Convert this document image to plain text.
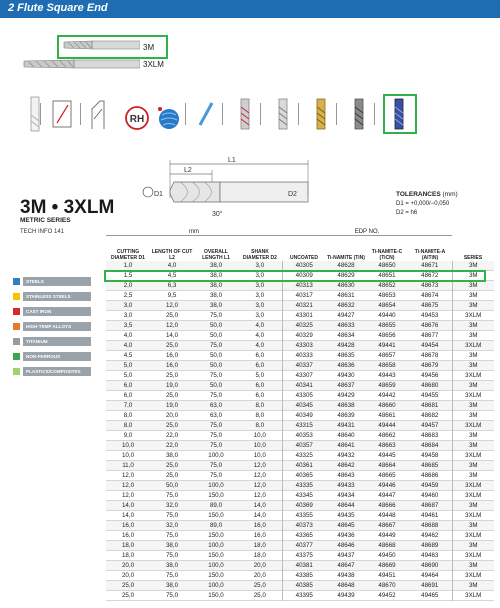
2 Flute Square End
3M
3XLM
RH
L1
L2
D1	D2
30°
3M • 3XLM
METRIC SERIES
TECH INFO 141
TOLERANCES (mm)
D1 = +0,000/−0,050
D2 = h6
STEELS
STAINLESS STEELS
CAST IRON
HIGH TEMP ALLOYS
TITANIUM
NON-FERROUS
PLASTICS/COMPOSITES
mm				EDP NO.				
CUTTING DIAMETER D1	LENGTH OF CUT L2	OVERALL LENGTH L1	SHANK DIAMETER D2	UNCOATED	Ti-NAMITE (TiN)	Ti-NAMITE-C (TiCN)	Ti-NAMITE-A (AlTiN)	SERIES
1,0	4,0	38,0	3,0	40305	48628	48650	48671	3M
1,5	4,5	38,0	3,0	40309	48629	48651	48672	3M
2,0	6,3	38,0	3,0	40313	48630	48652	48673	3M
2,5	9,5	38,0	3,0	40317	48631	48653	48674	3M
3,0	12,0	38,0	3,0	40321	48632	48654	48675	3M
3,0	25,0	75,0	3,0	43301	49427	49440	49453	3XLM
3,5	12,0	50,0	4,0	40325	48633	48655	48676	3M
4,0	14,0	50,0	4,0	40329	48634	48656	48677	3M
4,0	25,0	75,0	4,0	43303	49428	49441	49454	3XLM
4,5	16,0	50,0	6,0	40333	48635	48657	48678	3M
5,0	16,0	50,0	6,0	40337	48636	48658	48679	3M
5,0	25,0	75,0	5,0	43307	49430	49443	49456	3XLM
6,0	19,0	50,0	6,0	40341	48637	48659	48680	3M
6,0	25,0	75,0	6,0	43305	49429	49442	49455	3XLM
7,0	19,0	63,0	8,0	40345	48638	48660	48681	3M
8,0	20,0	63,0	8,0	40349	48639	48661	48682	3M
8,0	25,0	75,0	8,0	43315	49431	49444	49457	3XLM
9,0	22,0	75,0	10,0	40353	48640	48662	48683	3M
10,0	22,0	75,0	10,0	40357	48641	48663	48684	3M
10,0	38,0	100,0	10,0	43325	49432	49445	49458	3XLM
11,0	25,0	75,0	12,0	40361	48642	48664	48685	3M
12,0	25,0	75,0	12,0	40365	48643	48665	48686	3M
12,0	50,0	100,0	12,0	43335	49433	49446	49459	3XLM
12,0	75,0	150,0	12,0	43345	49434	49447	49460	3XLM
14,0	32,0	89,0	14,0	40369	48644	48666	48687	3M
14,0	75,0	150,0	14,0	43355	49435	49448	49461	3XLM
16,0	32,0	89,0	16,0	40373	48645	48667	48688	3M
16,0	75,0	150,0	16,0	43365	49436	49449	49462	3XLM
18,0	38,0	100,0	18,0	40377	48646	48668	48689	3M
18,0	75,0	150,0	18,0	43375	49437	49450	49463	3XLM
20,0	38,0	100,0	20,0	40381	48647	48669	48690	3M
20,0	75,0	150,0	20,0	43385	49438	49451	49464	3XLM
25,0	38,0	100,0	25,0	40385	48648	48670	48691	3M
25,0	75,0	150,0	25,0	43395	49439	49452	49465	3XLM
